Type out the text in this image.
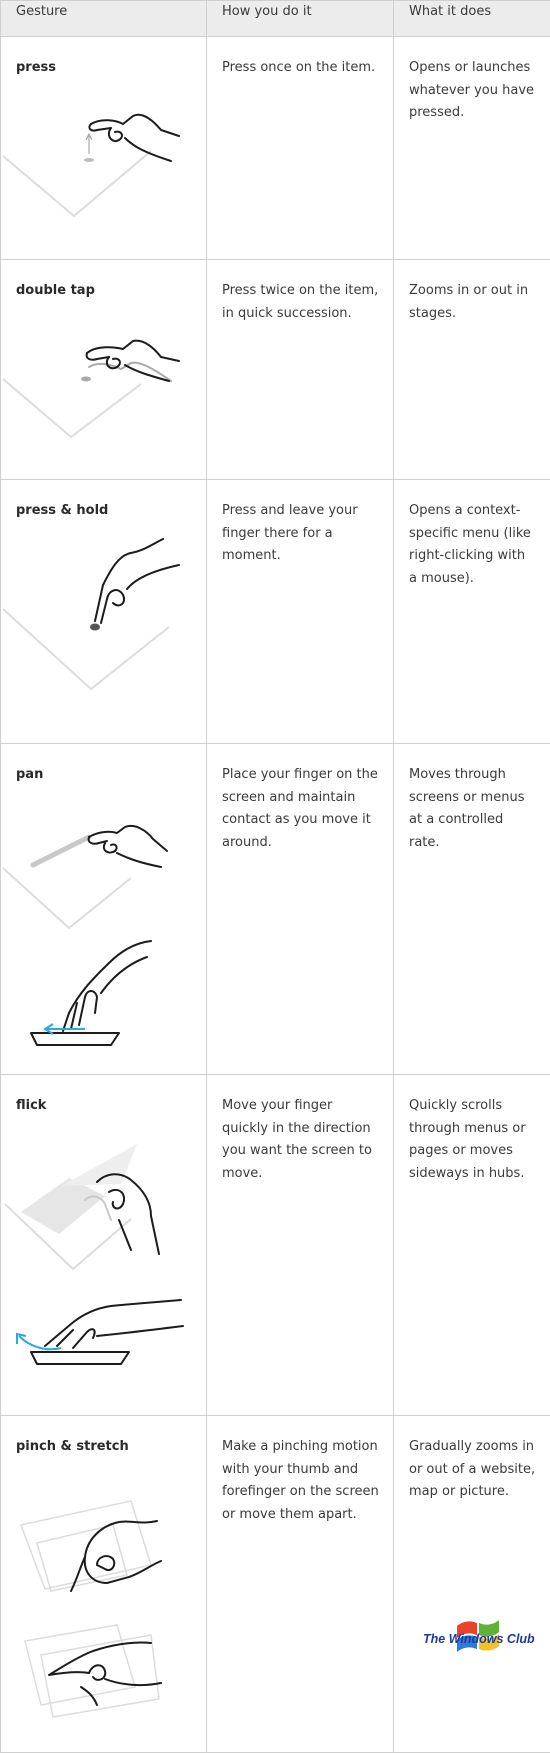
Gesture	How you do it	What it does

press	Press once on the item.	Opens or launches whatever you have pressed.

double tap	Press twice on the item, in quick succession.	Zooms in or out in stages.

press & hold	Press and leave your finger there for a moment.	Opens a context-specific menu (like right-clicking with a mouse).

pan	Place your finger on the screen and maintain contact as you move it around.	Moves through screens or menus at a controlled rate.

flick	Move your finger quickly in the direction you want the screen to move.	Quickly scrolls through menus or pages or moves sideways in hubs.

pinch & stretch	Make a pinching motion with your thumb and forefinger on the screen or move them apart.	Gradually zooms in or out of a website, map or picture.
The Windows Club
